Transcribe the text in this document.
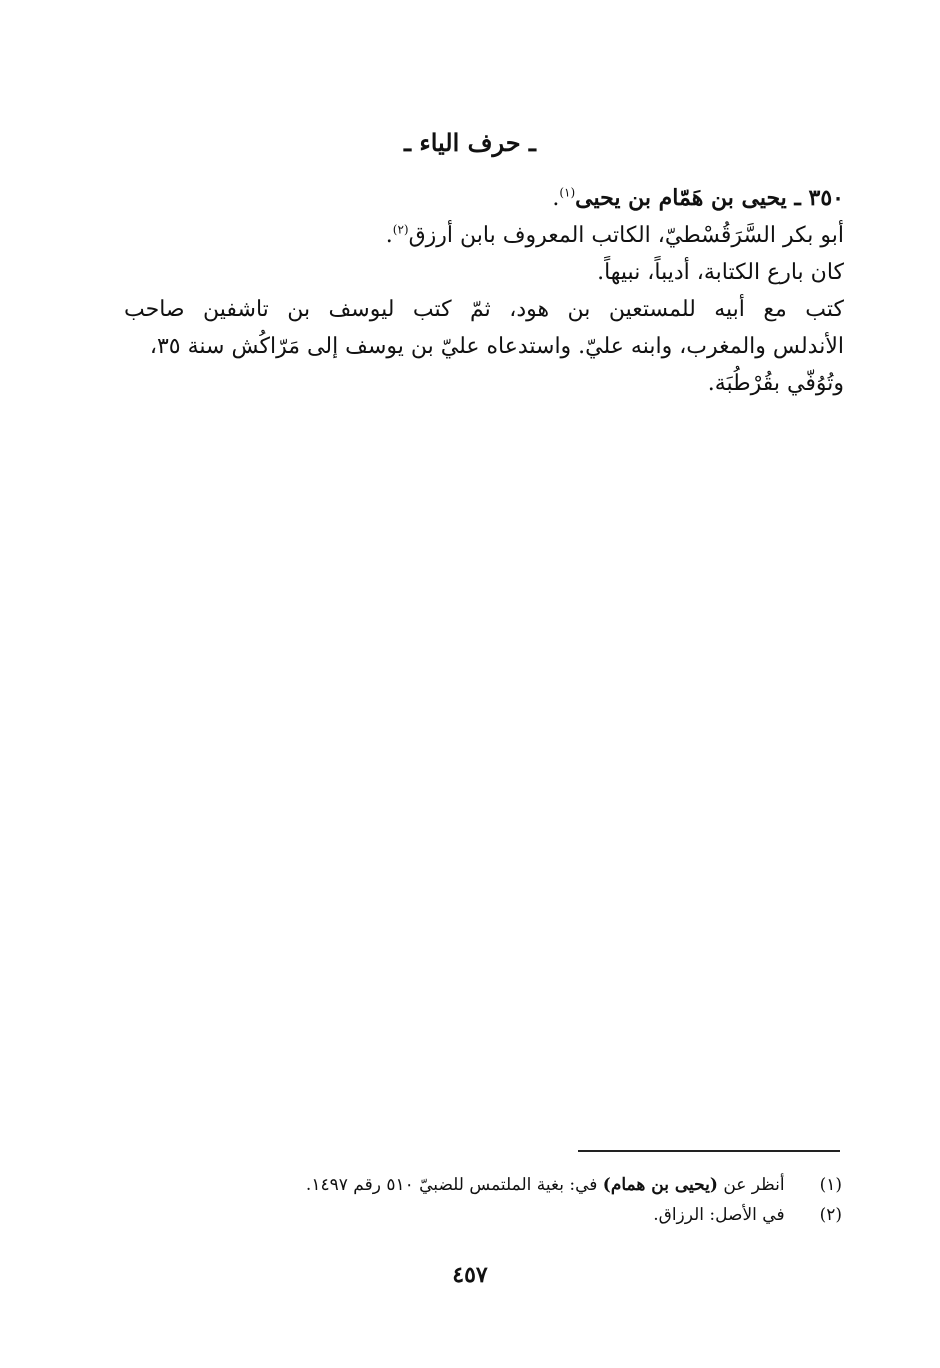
ـ حرف الياء ـ
٣٥٠ ـ يحيى بن هَمّام بن يحيى$^{(١)}$.
أبو بكر السَّرَقُسْطيّ، الكاتب المعروف بابن أرزق$^{(٢)}$.
كان بارع الكتابة، أديباً، نبيهاً.
كتب مع أبيه للمستعين بن هود، ثمّ كتب ليوسف بن تاشفين صاحب
الأندلس والمغرب، وابنه عليّ. واستدعاه عليّ بن يوسف إلى مَرّاكُش سنة ٣٥،
وتُوُفّي بقُرْطُبَة.
(١) أنظر عن (يحيى بن همام) في: بغية الملتمس للضبيّ ٥١٠ رقم ١٤٩٧.
(٢) في الأصل: الرزاق.
٤٥٧
